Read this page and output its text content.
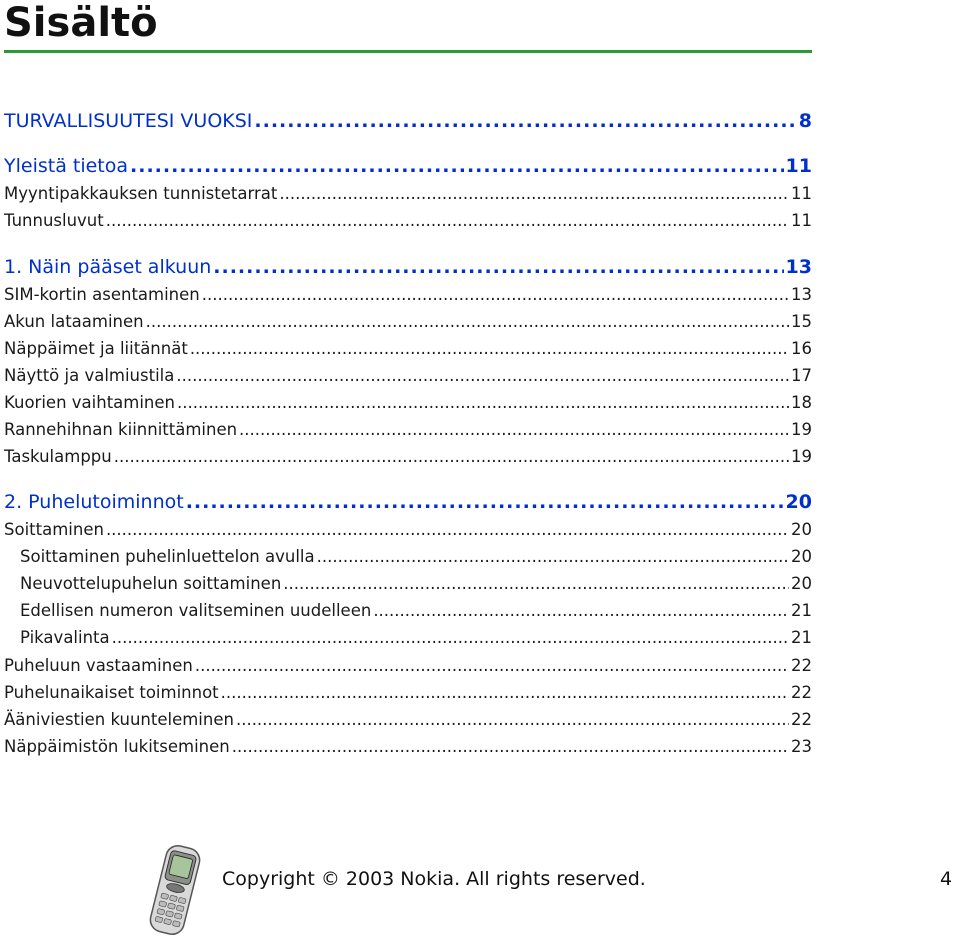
Sisältö
TURVALLISUUTESI VUOKSI .....	8
Yleistä tietoa .....	11
Myyntipakkauksen tunnistetarrat .....	11
Tunnusluvut .....	11
1. Näin pääset alkuun .....	13
SIM-kortin asentaminen .....	13
Akun lataaminen .....	15
Näppäimet ja liitännät .....	16
Näyttö ja valmiustila .....	17
Kuorien vaihtaminen .....	18
Rannehihnan kiinnittäminen .....	19
Taskulamppu .....	19
2. Puhelutoiminnot .....	20
Soittaminen .....	20
Soittaminen puhelinluettelon avulla .....	20
Neuvottelupuhelun soittaminen .....	20
Edellisen numeron valitseminen uudelleen .....	21
Pikavalinta .....	21
Puheluun vastaaminen .....	22
Puhelunaikaiset toiminnot .....	22
Ääniviestien kuunteleminen .....	22
Näppäimistön lukitseminen .....	23
Copyright © 2003 Nokia. All rights reserved.	4
